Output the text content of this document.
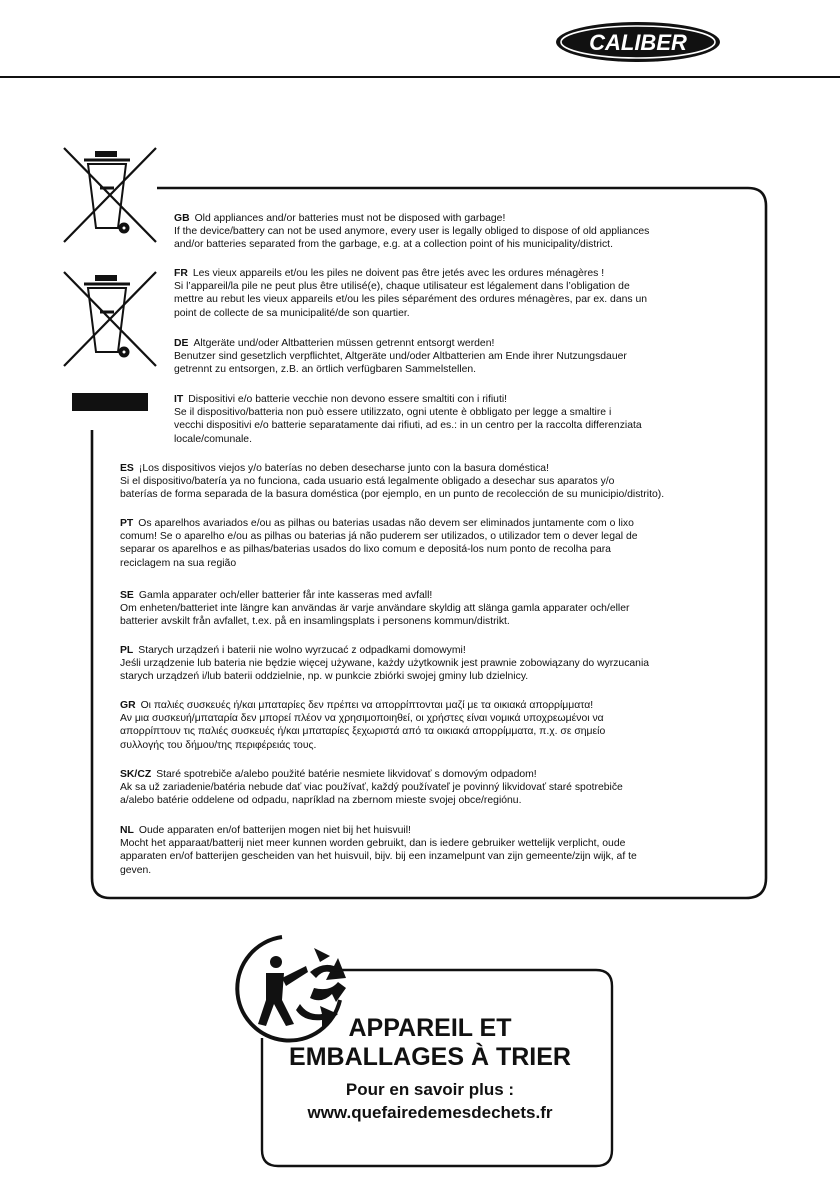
CALIBER
GB Old appliances and/or batteries must not be disposed with garbage!
If the device/battery can not be used anymore, every user is legally obliged to dispose of old appliances
and/or batteries separated from the garbage, e.g. at a collection point of his municipality/district.
FR Les vieux appareils et/ou les piles ne doivent pas être jetés avec les ordures ménagères !
Si l’appareil/la pile ne peut plus être utilisé(e), chaque utilisateur est légalement dans l’obligation de
mettre au rebut les vieux appareils et/ou les piles séparément des ordures ménagères, par ex. dans un
point de collecte de sa municipalité/de son quartier.
DE Altgeräte und/oder Altbatterien müssen getrennt entsorgt werden!
Benutzer sind gesetzlich verpflichtet, Altgeräte und/oder Altbatterien am Ende ihrer Nutzungsdauer
getrennt zu entsorgen, z.B. an örtlich verfügbaren Sammelstellen.
IT Dispositivi e/o batterie vecchie non devono essere smaltiti con i rifiuti!
Se il dispositivo/batteria non può essere utilizzato, ogni utente è obbligato per legge a smaltire i
vecchi dispositivi e/o batterie separatamente dai rifiuti, ad es.: in un centro per la raccolta differenziata
locale/comunale.
ES ¡Los dispositivos viejos y/o baterías no deben desecharse junto con la basura doméstica!
Si el dispositivo/batería ya no funciona, cada usuario está legalmente obligado a desechar sus aparatos y/o
baterías de forma separada de la basura doméstica (por ejemplo, en un punto de recolección de su municipio/distrito).
PT Os aparelhos avariados e/ou as pilhas ou baterias usadas não devem ser eliminados juntamente com o lixo
comum! Se o aparelho e/ou as pilhas ou baterias já não puderem ser utilizados, o utilizador tem o dever legal de
separar os aparelhos e as pilhas/baterias usados do lixo comum e depositá-los num ponto de recolha para
reciclagem na sua região
SE Gamla apparater och/eller batterier får inte kasseras med avfall!
Om enheten/batteriet inte längre kan användas är varje användare skyldig att slänga gamla apparater och/eller
batterier avskilt från avfallet, t.ex. på en insamlingsplats i personens kommun/distrikt.
PL Starych urządzeń i baterii nie wolno wyrzucać z odpadkami domowymi!
Jeśli urządzenie lub bateria nie będzie więcej używane, każdy użytkownik jest prawnie zobowiązany do wyrzucania
starych urządzeń i/lub baterii oddzielnie, np. w punkcie zbiórki swojej gminy lub dzielnicy.
GR Οι παλιές συσκευές ή/και μπαταρίες δεν πρέπει να απορρίπτονται μαζί με τα οικιακά απορρίμματα!
Αν μια συσκευή/μπαταρία δεν μπορεί πλέον να χρησιμοποιηθεί, οι χρήστες είναι νομικά υποχρεωμένοι να
απορρίπτουν τις παλιές συσκευές ή/και μπαταρίες ξεχωριστά από τα οικιακά απορρίμματα, π.χ. σε σημείο
συλλογής του δήμου/της περιφέρειάς τους.
SK/CZ Staré spotrebiče a/alebo použité batérie nesmiete likvidovať s domovým odpadom!
Ak sa už zariadenie/batéria nebude dať viac používať, každý používateľ je povinný likvidovať staré spotrebiče
a/alebo batérie oddelene od odpadu, napríklad na zbernom mieste svojej obce/regiónu.
NL Oude apparaten en/of batterijen mogen niet bij het huisvuil!
Mocht het apparaat/batterij niet meer kunnen worden gebruikt, dan is iedere gebruiker wettelijk verplicht, oude
apparaten en/of batterijen gescheiden van het huisvuil, bijv. bij een inzamelpunt van zijn gemeente/zijn wijk, af te
geven.

APPAREIL ET

EMBALLAGES À TRIER

Pour en savoir plus :

www.quefairedemesdechets.fr
